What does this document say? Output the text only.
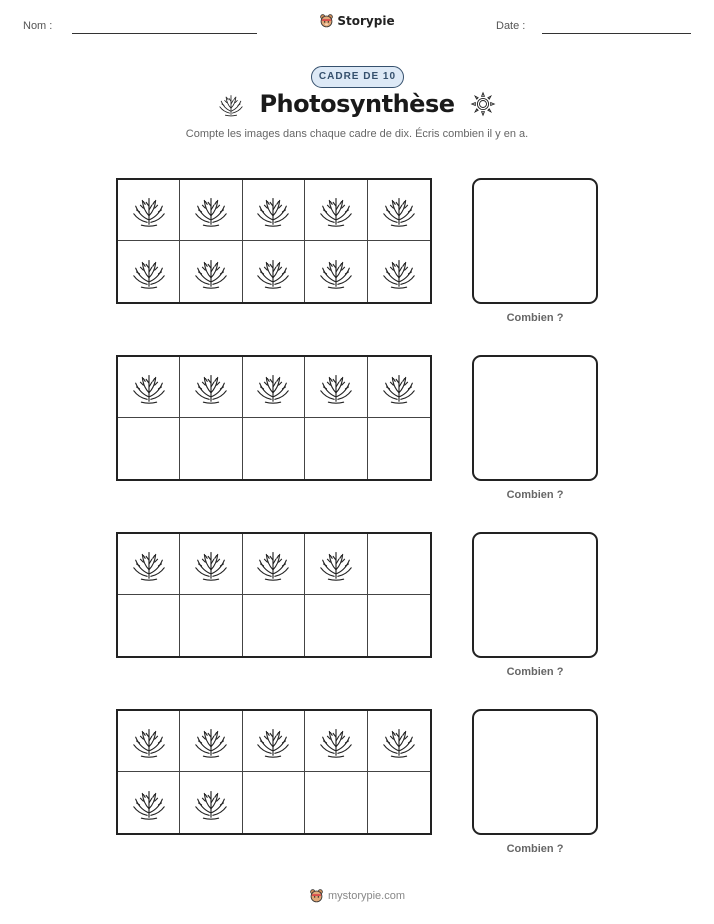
Nom :	Storypie	Date :
CADRE DE 10
Photosynthèse
Compte les images dans chaque cadre de dix. Écris combien il y en a.
Combien ?
Combien ?
Combien ?
Combien ?
mystorypie.com
